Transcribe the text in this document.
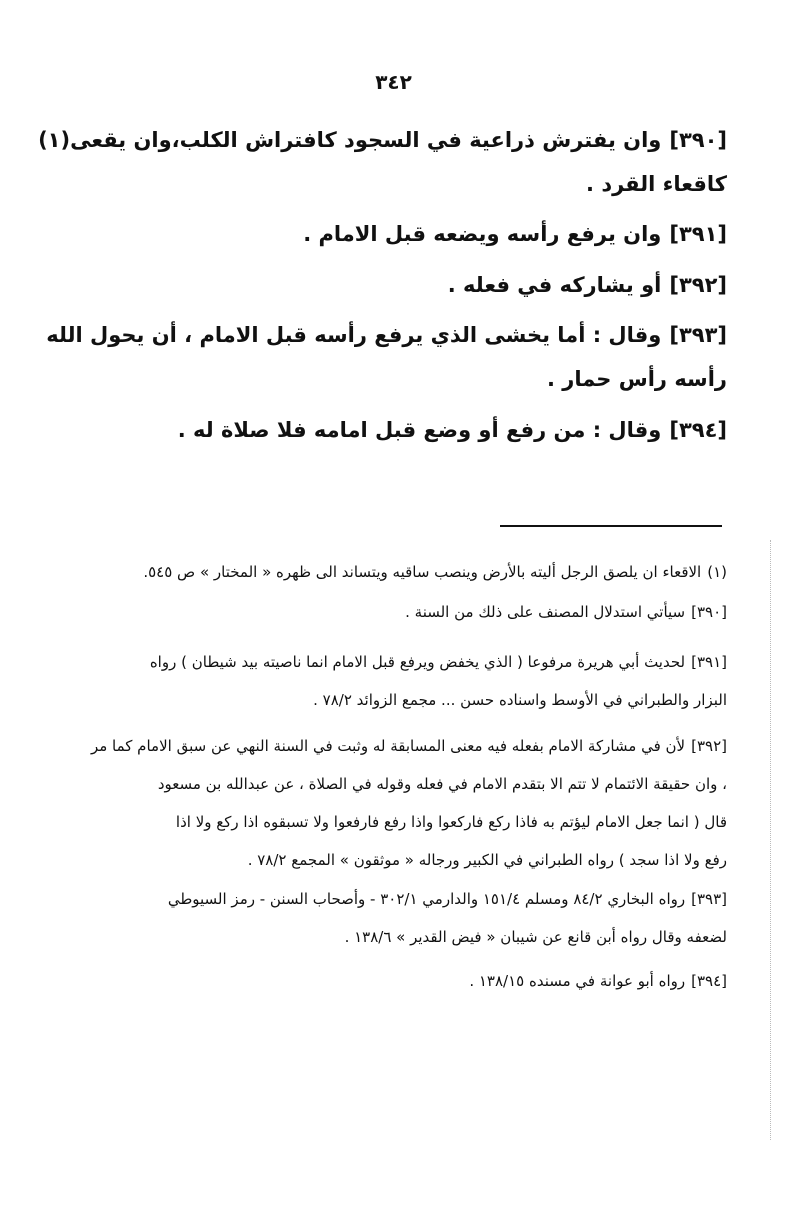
٣٤٢
[٣٩٠]وان يفترش ذراعية في السجود كافتراش الكلب،وان يقعى(١)
كاقعاء القرد .
[٣٩١]وان يرفع رأسه ويضعه قبل الامام .
[٣٩٢]أو يشاركه في فعله .
[٣٩٣]وقال : أما يخشى الذي يرفع رأسه قبل الامام ، أن يحول الله
رأسه رأس حمار .
[٣٩٤]وقال : من رفع أو وضع قبل امامه فلا صلاة له .
(١)الاقعاء ان يلصق الرجل أليته بالأرض وينصب ساقيه ويتساند الى ظهره « المختار » ص ٥٤٥.
[٣٩٠]سيأتي استدلال المصنف على ذلك من السنة .
[٣٩١]لحديث أبي هريرة مرفوعا ( الذي يخفض ويرفع قبل الامام انما ناصيته بيد شيطان ) رواه
البزار والطبراني في الأوسط واسناده حسن ... مجمع الزوائد ٧٨/٢ .
[٣٩٢]لأن في مشاركة الامام بفعله فيه معنى المسابقة له وثبت في السنة النهي عن سبق الامام كما مر
، وان حقيقة الائتمام لا تتم الا بتقدم الامام في فعله وقوله في الصلاة ، عن عبدالله بن مسعود
قال ( انما جعل الامام ليؤتم به فاذا ركع فاركعوا واذا رفع فارفعوا ولا تسبقوه اذا ركع ولا اذا
رفع ولا اذا سجد ) رواه الطبراني في الكبير ورجاله « موثقون » المجمع ٧٨/٢ .
[٣٩٣]رواه البخاري ٨٤/٢ ومسلم ١٥١/٤ والدارمي ٣٠٢/١ - وأصحاب السنن - رمز السيوطي
لضعفه وقال رواه أبن قانع عن شيبان « فيض القدير » ١٣٨/٦ .
[٣٩٤]رواه أبو عوانة في مسنده ١٣٨/١٥ .
